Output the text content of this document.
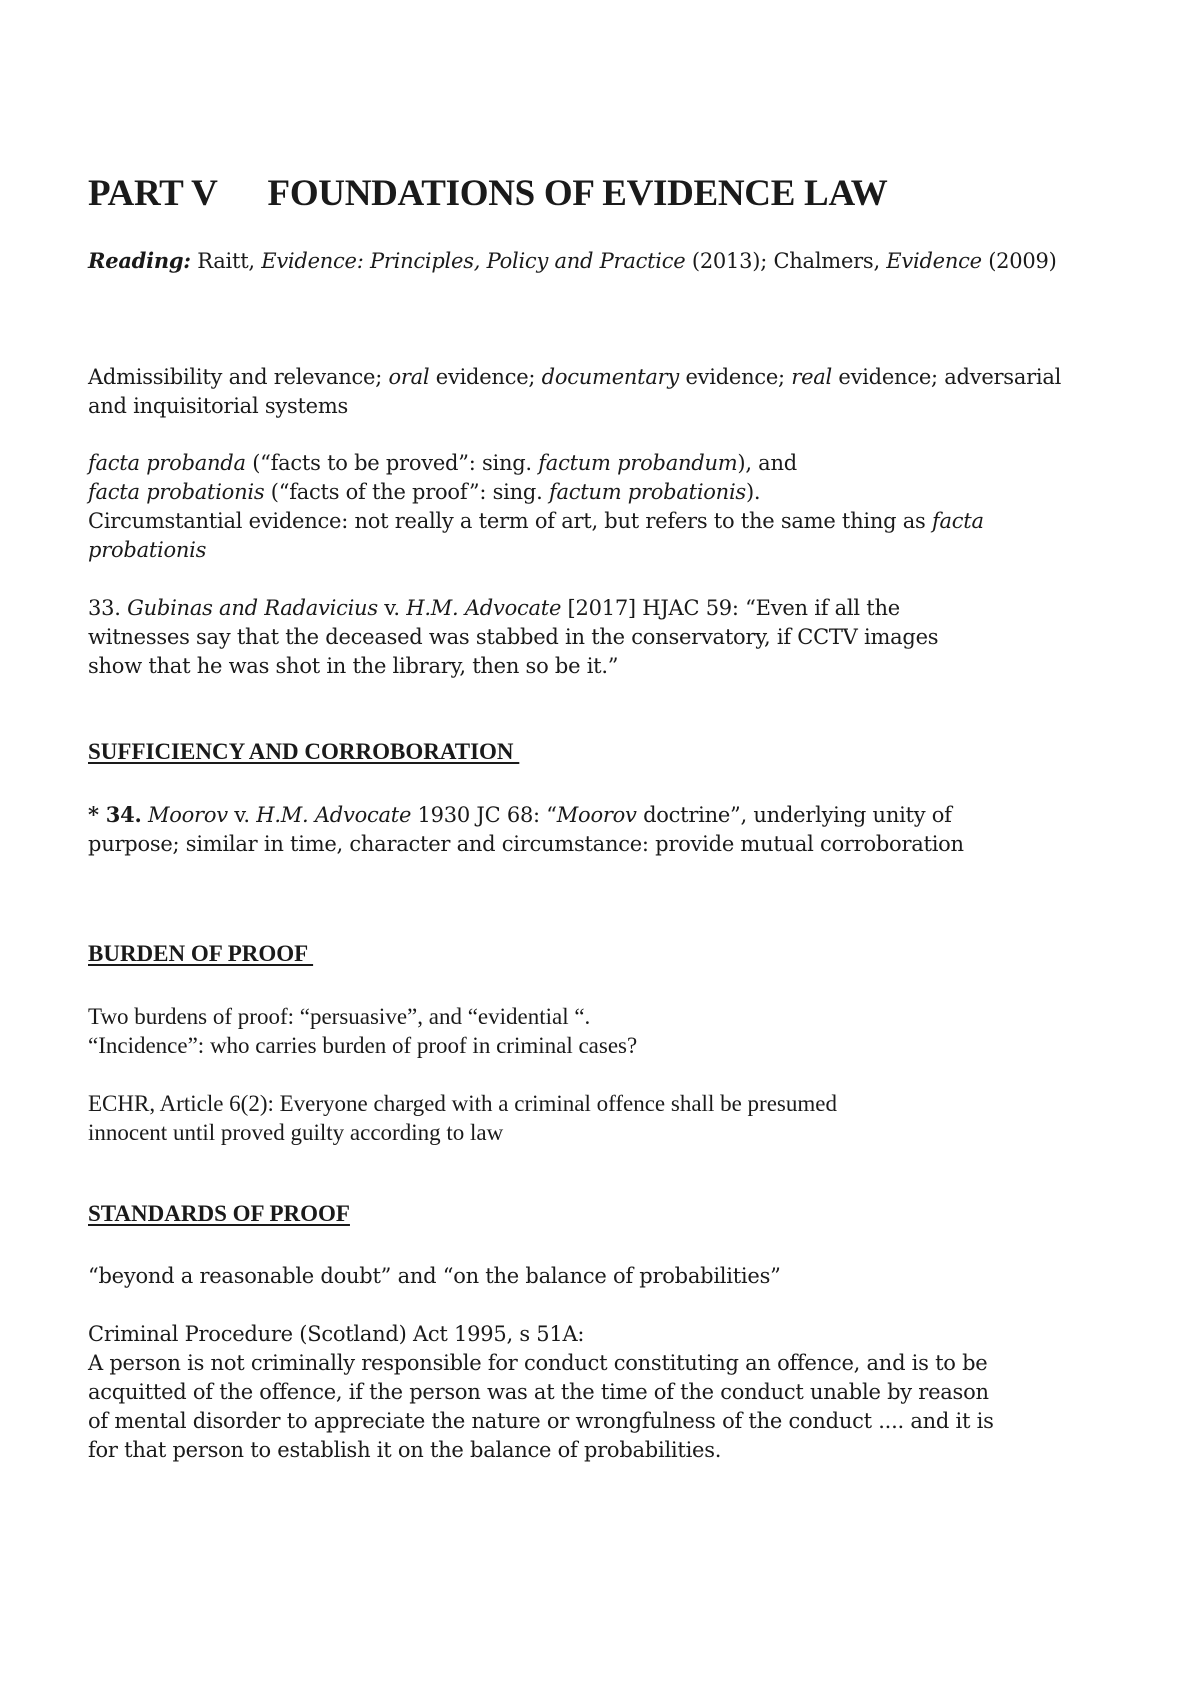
PART V FOUNDATIONS OF EVIDENCE LAW
Reading: Raitt, Evidence: Principles, Policy and Practice (2013); Chalmers, Evidence (2009)
Admissibility and relevance; oral evidence; documentary evidence; real evidence; adversarial
and inquisitorial systems
facta probanda (“facts to be proved”: sing. factum probandum), and
facta probationis (“facts of the proof”: sing. factum probationis).
Circumstantial evidence: not really a term of art, but refers to the same thing as facta
probationis
33. Gubinas and Radavicius v. H.M. Advocate [2017] HJAC 59: “Even if all the
witnesses say that the deceased was stabbed in the conservatory, if CCTV images
show that he was shot in the library, then so be it.”
SUFFICIENCY AND CORROBORATION
* 34. Moorov v. H.M. Advocate 1930 JC 68: “Moorov doctrine”, underlying unity of
purpose; similar in time, character and circumstance: provide mutual corroboration
BURDEN OF PROOF
Two burdens of proof: “persuasive”, and “evidential “.
“Incidence”: who carries burden of proof in criminal cases?
ECHR, Article 6(2): Everyone charged with a criminal offence shall be presumed
innocent until proved guilty according to law
STANDARDS OF PROOF
“beyond a reasonable doubt” and “on the balance of probabilities”
Criminal Procedure (Scotland) Act 1995, s 51A:
A person is not criminally responsible for conduct constituting an offence, and is to be
acquitted of the offence, if the person was at the time of the conduct unable by reason
of mental disorder to appreciate the nature or wrongfulness of the conduct .... and it is
for that person to establish it on the balance of probabilities.
